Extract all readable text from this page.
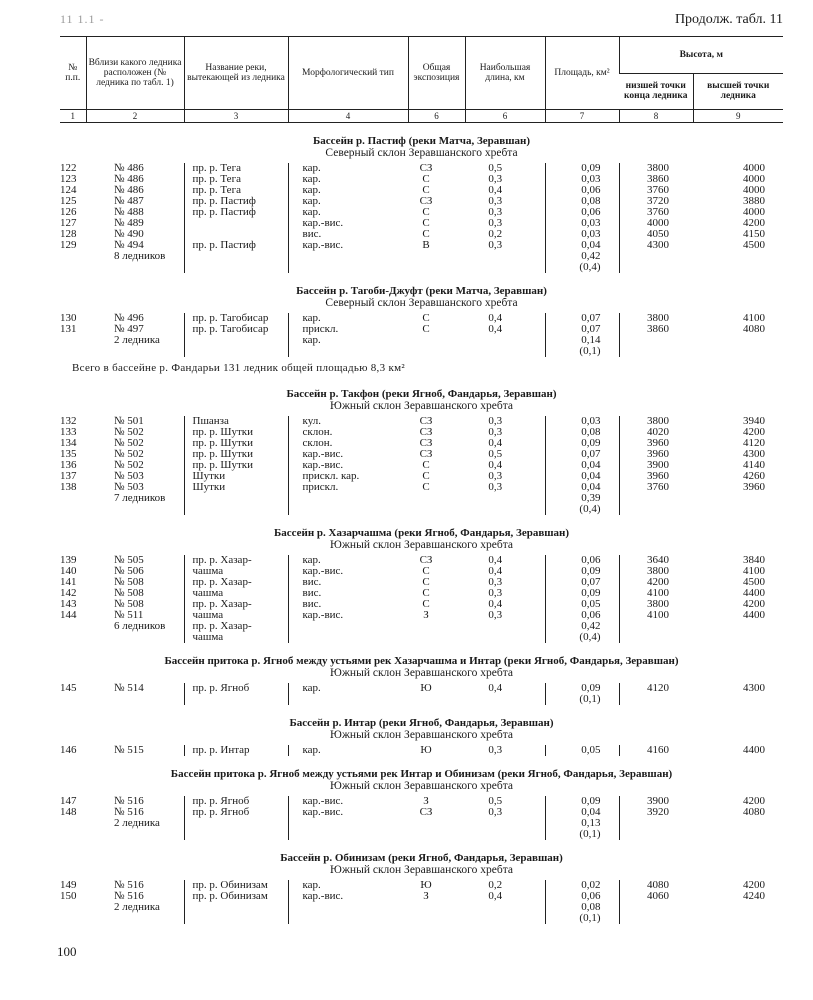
11 1.1 -	Продолж. табл. 11
№ п.п.	Вблизи какого ледника расположен (№ ледника по табл. 1)	Название реки, вытекающей из ледника	Морфологический тип	Общая экспозиция	Наибольшая длина, км	Площадь, км²	Высота, м	
							низшей точки конца ледника	высшей точки ледника
1	2	3	4	6	6	7	8	9
Бассейн р. Пастиф (реки Матча, Зеравшан)								
Северный склон Зеравшанского хребта								
122	№ 486	пр. р. Тега	кар.	СЗ	0,5	0,09	3800	4000
123	№ 486	пр. р. Тега	кар.	С	0,3	0,03	3860	4000
124	№ 486	пр. р. Тега	кар.	С	0,4	0,06	3760	4000
125	№ 487	пр. р. Пастиф	кар.	СЗ	0,3	0,08	3720	3880
126	№ 488	пр. р. Пастиф	кар.	С	0,3	0,06	3760	4000
127	№ 489		кар.-вис.	С	0,3	0,03	4000	4200
128	№ 490		вис.	С	0,2	0,03	4050	4150
129	№ 494	пр. р. Пастиф	кар.-вис.	В	0,3	0,04	4300	4500
	8 ледников					0,42		
						(0,4)		
Бассейн р. Тагоби-Джуфт (реки Матча, Зеравшан)								
Северный склон Зеравшанского хребта								
130	№ 496	пр. р. Тагобисар	кар.	С	0,4	0,07	3800	4100
131	№ 497	пр. р. Тагобисар	прискл.	С	0,4	0,07	3860	4080
	2 ледника		кар.			0,14		
						(0,1)		
Всего в бассейне р. Фандарьи 131 ледник общей площадью 8,3 км²								
Бассейн р. Такфон (реки Ягноб, Фандарья, Зеравшан)								
Южный склон Зеравшанского хребта								
132	№ 501	Пшанза	кул.	СЗ	0,3	0,03	3800	3940
133	№ 502	пр. р. Шутки	склон.	СЗ	0,3	0,08	4020	4200
134	№ 502	пр. р. Шутки	склон.	СЗ	0,4	0,09	3960	4120
135	№ 502	пр. р. Шутки	кар.-вис.	СЗ	0,5	0,07	3960	4300
136	№ 502	пр. р. Шутки	кар.-вис.	С	0,4	0,04	3900	4140
137	№ 503	Шутки	прискл. кар.	С	0,3	0,04	3960	4260
138	№ 503	Шутки	прискл.	С	0,3	0,04	3760	3960
	7 ледников					0,39		
						(0,4)		
Бассейн р. Хазарчашма (реки Ягноб, Фандарья, Зеравшан)								
Южный склон Зеравшанского хребта								
139	№ 505	пр. р. Хазар-	кар.	СЗ	0,4	0,06	3640	3840
140	№ 506	чашма	кар.-вис.	С	0,4	0,09	3800	4100
141	№ 508	пр. р. Хазар-	вис.	С	0,3	0,07	4200	4500
142	№ 508	чашма	вис.	С	0,3	0,09	4100	4400
143	№ 508	пр. р. Хазар-	вис.	С	0,4	0,05	3800	4200
144	№ 511	чашма	кар.-вис.	З	0,3	0,06	4100	4400
	6 ледников	пр. р. Хазар-				0,42		
		чашма				(0,4)		
Бассейн притока р. Ягноб между устьями рек Хазарчашма и Интар (реки Ягноб, Фандарья, Зеравшан)								
Южный склон Зеравшанского хребта								
145	№ 514	пр. р. Ягноб	кар.	Ю	0,4	0,09	4120	4300
						(0,1)		
Бассейн р. Интар (реки Ягноб, Фандарья, Зеравшан)								
Южный склон Зеравшанского хребта								
146	№ 515	пр. р. Интар	кар.	Ю	0,3	0,05	4160	4400
Бассейн притока р. Ягноб между устьями рек Интар и Обинизам (реки Ягноб, Фандарья, Зеравшан)								
Южный склон Зеравшанского хребта								
147	№ 516	пр. р. Ягноб	кар.-вис.	З	0,5	0,09	3900	4200
148	№ 516	пр. р. Ягноб	кар.-вис.	СЗ	0,3	0,04	3920	4080
	2 ледника					0,13		
						(0,1)		
Бассейн р. Обинизам (реки Ягноб, Фандарья, Зеравшан)								
Южный склон Зеравшанского хребта								
149	№ 516	пр. р. Обинизам	кар.	Ю	0,2	0,02	4080	4200
150	№ 516	пр. р. Обинизам	кар.-вис.	З	0,4	0,06	4060	4240
	2 ледника					0,08		
						(0,1)		
100
